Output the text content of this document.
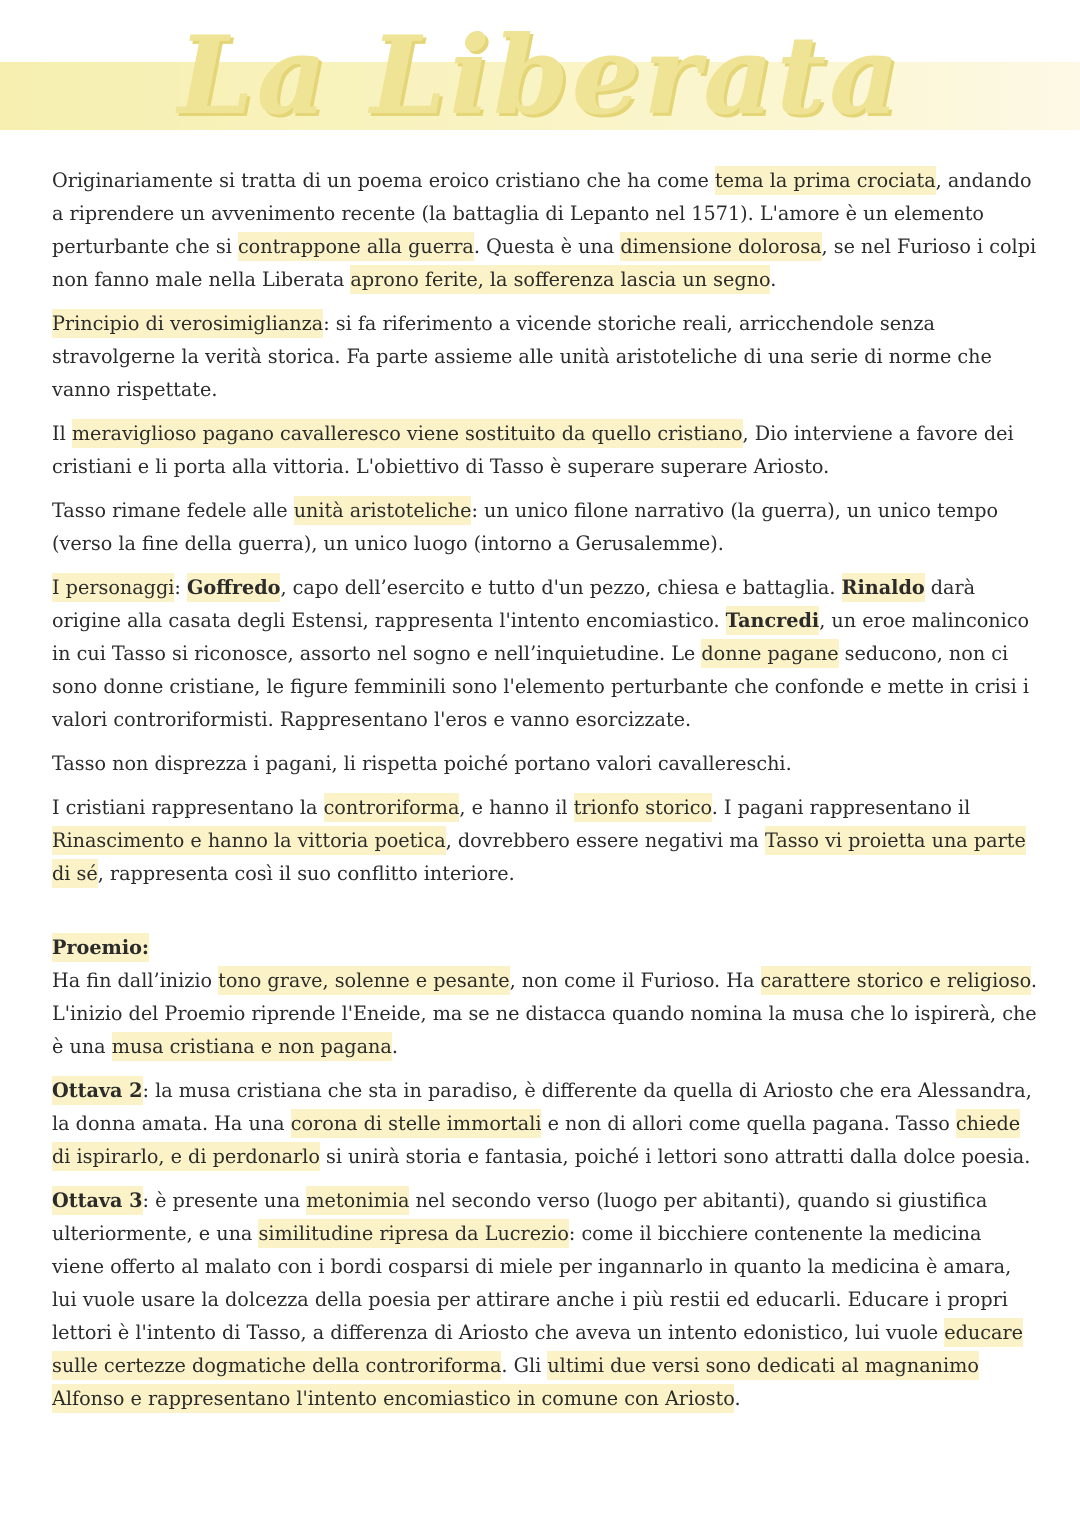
La Liberata

Originariamente si tratta di un poema eroico cristiano che ha come tema la prima crociata, andando a riprendere un avvenimento recente (la battaglia di Lepanto nel 1571). L'amore è un elemento perturbante che si contrappone alla guerra. Questa è una dimensione dolorosa, se nel Furioso i colpi non fanno male nella Liberata aprono ferite, la sofferenza lascia un segno.

Principio di verosimiglianza: si fa riferimento a vicende storiche reali, arricchendole senza stravolgerne la verità storica. Fa parte assieme alle unità aristoteliche di una serie di norme che vanno rispettate.

Il meraviglioso pagano cavalleresco viene sostituito da quello cristiano, Dio interviene a favore dei cristiani e li porta alla vittoria. L'obiettivo di Tasso è superare superare Ariosto.

Tasso rimane fedele alle unità aristoteliche: un unico filone narrativo (la guerra), un unico tempo (verso la fine della guerra), un unico luogo (intorno a Gerusalemme).

I personaggi: Goffredo, capo dell’esercito e tutto d'un pezzo, chiesa e battaglia. Rinaldo darà origine alla casata degli Estensi, rappresenta l'intento encomiastico. Tancredi, un eroe malinconico in cui Tasso si riconosce, assorto nel sogno e nell’inquietudine. Le donne pagane seducono, non ci sono donne cristiane, le figure femminili sono l'elemento perturbante che confonde e mette in crisi i valori controriformisti. Rappresentano l'eros e vanno esorcizzate.

Tasso non disprezza i pagani, li rispetta poiché portano valori cavallereschi.

I cristiani rappresentano la controriforma, e hanno il trionfo storico. I pagani rappresentano il Rinascimento e hanno la vittoria poetica, dovrebbero essere negativi ma Tasso vi proietta una parte di sé, rappresenta così il suo conflitto interiore.

Proemio:

Ha fin dall’inizio tono grave, solenne e pesante, non come il Furioso. Ha carattere storico e religioso. L'inizio del Proemio riprende l'Eneide, ma se ne distacca quando nomina la musa che lo ispirerà, che è una musa cristiana e non pagana.

Ottava 2: la musa cristiana che sta in paradiso, è differente da quella di Ariosto che era Alessandra, la donna amata. Ha una corona di stelle immortali e non di allori come quella pagana. Tasso chiede di ispirarlo, e di perdonarlo si unirà storia e fantasia, poiché i lettori sono attratti dalla dolce poesia.

Ottava 3: è presente una metonimia nel secondo verso (luogo per abitanti), quando si giustifica ulteriormente, e una similitudine ripresa da Lucrezio: come il bicchiere contenente la medicina viene offerto al malato con i bordi cosparsi di miele per ingannarlo in quanto la medicina è amara, lui vuole usare la dolcezza della poesia per attirare anche i più restii ed educarli. Educare i propri lettori è l'intento di Tasso, a differenza di Ariosto che aveva un intento edonistico, lui vuole educare sulle certezze dogmatiche della controriforma. Gli ultimi due versi sono dedicati al magnanimo Alfonso e rappresentano l'intento encomiastico in comune con Ariosto.
